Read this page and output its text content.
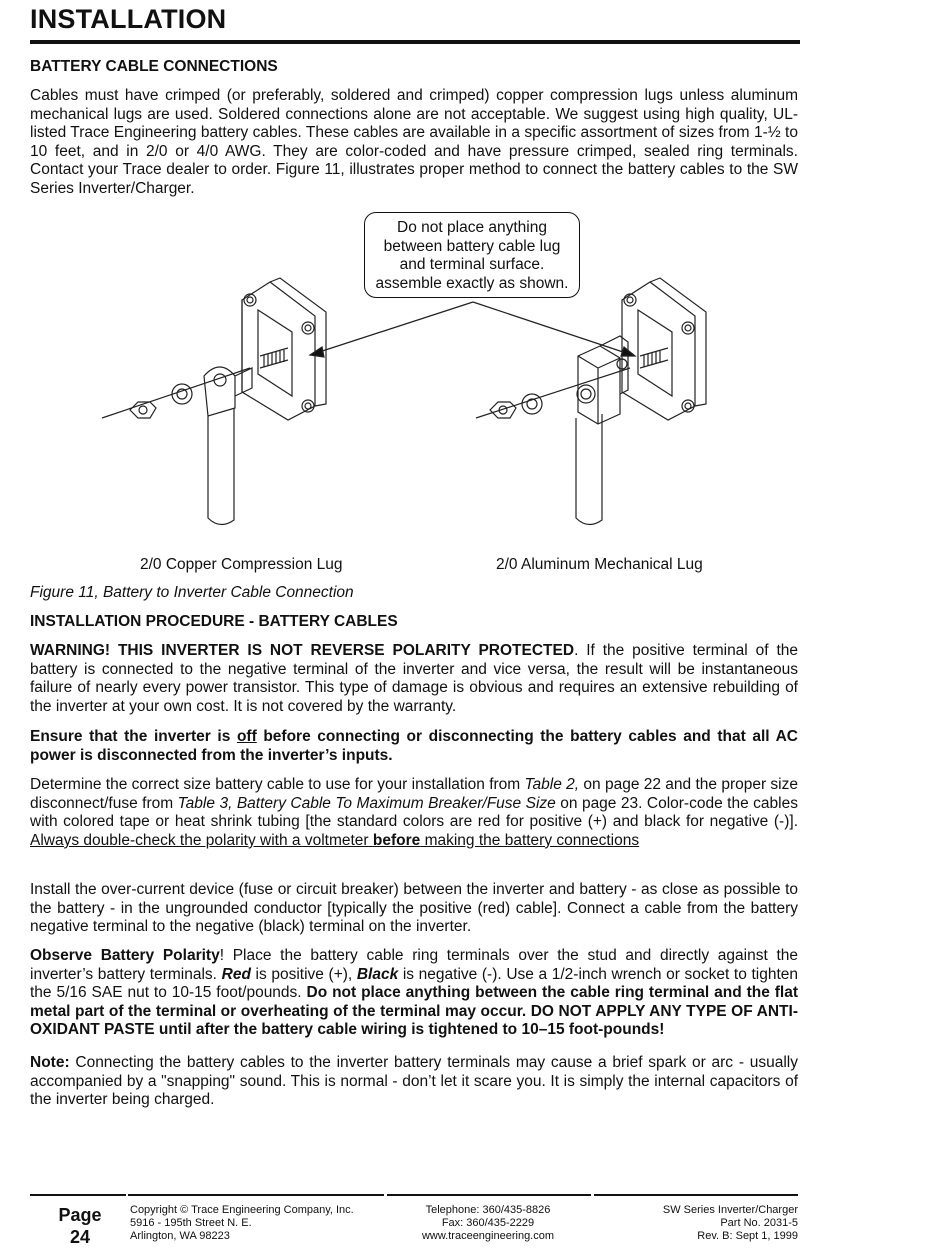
INSTALLATION
BATTERY CABLE CONNECTIONS
Cables must have crimped (or preferably, soldered and crimped) copper compression lugs unless aluminum mechanical lugs are used. Soldered connections alone are not acceptable. We suggest using high quality, UL-listed Trace Engineering battery cables. These cables are available in a specific assortment of sizes from 1-½ to 10 feet, and in 2/0 or 4/0 AWG. They are color-coded and have pressure crimped, sealed ring terminals. Contact your Trace dealer to order. Figure 11, illustrates proper method to connect the battery cables to the SW Series Inverter/Charger.
Do not place anything
between battery cable lug
and terminal surface.
assemble exactly as shown.
2/0 Copper Compression Lug	2/0 Aluminum Mechanical Lug
Figure 11, Battery to Inverter Cable Connection
INSTALLATION PROCEDURE - BATTERY CABLES
WARNING! THIS INVERTER IS NOT REVERSE POLARITY PROTECTED. If the positive terminal of the battery is connected to the negative terminal of the inverter and vice versa, the result will be instantaneous failure of nearly every power transistor. This type of damage is obvious and requires an extensive rebuilding of the inverter at your own cost. It is not covered by the warranty.
Ensure that the inverter is off before connecting or disconnecting the battery cables and that all AC power is disconnected from the inverter’s inputs.
Determine the correct size battery cable to use for your installation from Table 2, on page 22 and the proper size disconnect/fuse from Table 3, Battery Cable To Maximum Breaker/Fuse Size on page 23. Color-code the cables with colored tape or heat shrink tubing [the standard colors are red for positive (+) and black for negative (-)]. Always double-check the polarity with a voltmeter before making the battery connections
Install the over-current device (fuse or circuit breaker) between the inverter and battery - as close as possible to the battery - in the ungrounded conductor [typically the positive (red) cable]. Connect a cable from the battery negative terminal to the negative (black) terminal on the inverter.
Observe Battery Polarity! Place the battery cable ring terminals over the stud and directly against the inverter’s battery terminals. Red is positive (+), Black is negative (-). Use a 1/2-inch wrench or socket to tighten the 5/16 SAE nut to 10-15 foot/pounds. Do not place anything between the cable ring terminal and the flat metal part of the terminal or overheating of the terminal may occur. DO NOT APPLY ANY TYPE OF ANTI-OXIDANT PASTE until after the battery cable wiring is tightened to 10–15 foot-pounds!
Note: Connecting the battery cables to the inverter battery terminals may cause a brief spark or arc - usually accompanied by a "snapping" sound. This is normal - don’t let it scare you. It is simply the internal capacitors of the inverter being charged.
Page
24
Copyright © Trace Engineering Company, Inc.
5916 - 195th Street N. E.
Arlington, WA 98223
Telephone: 360/435-8826
Fax: 360/435-2229
www.traceengineering.com
SW Series Inverter/Charger
Part No. 2031-5
Rev. B: Sept 1, 1999
